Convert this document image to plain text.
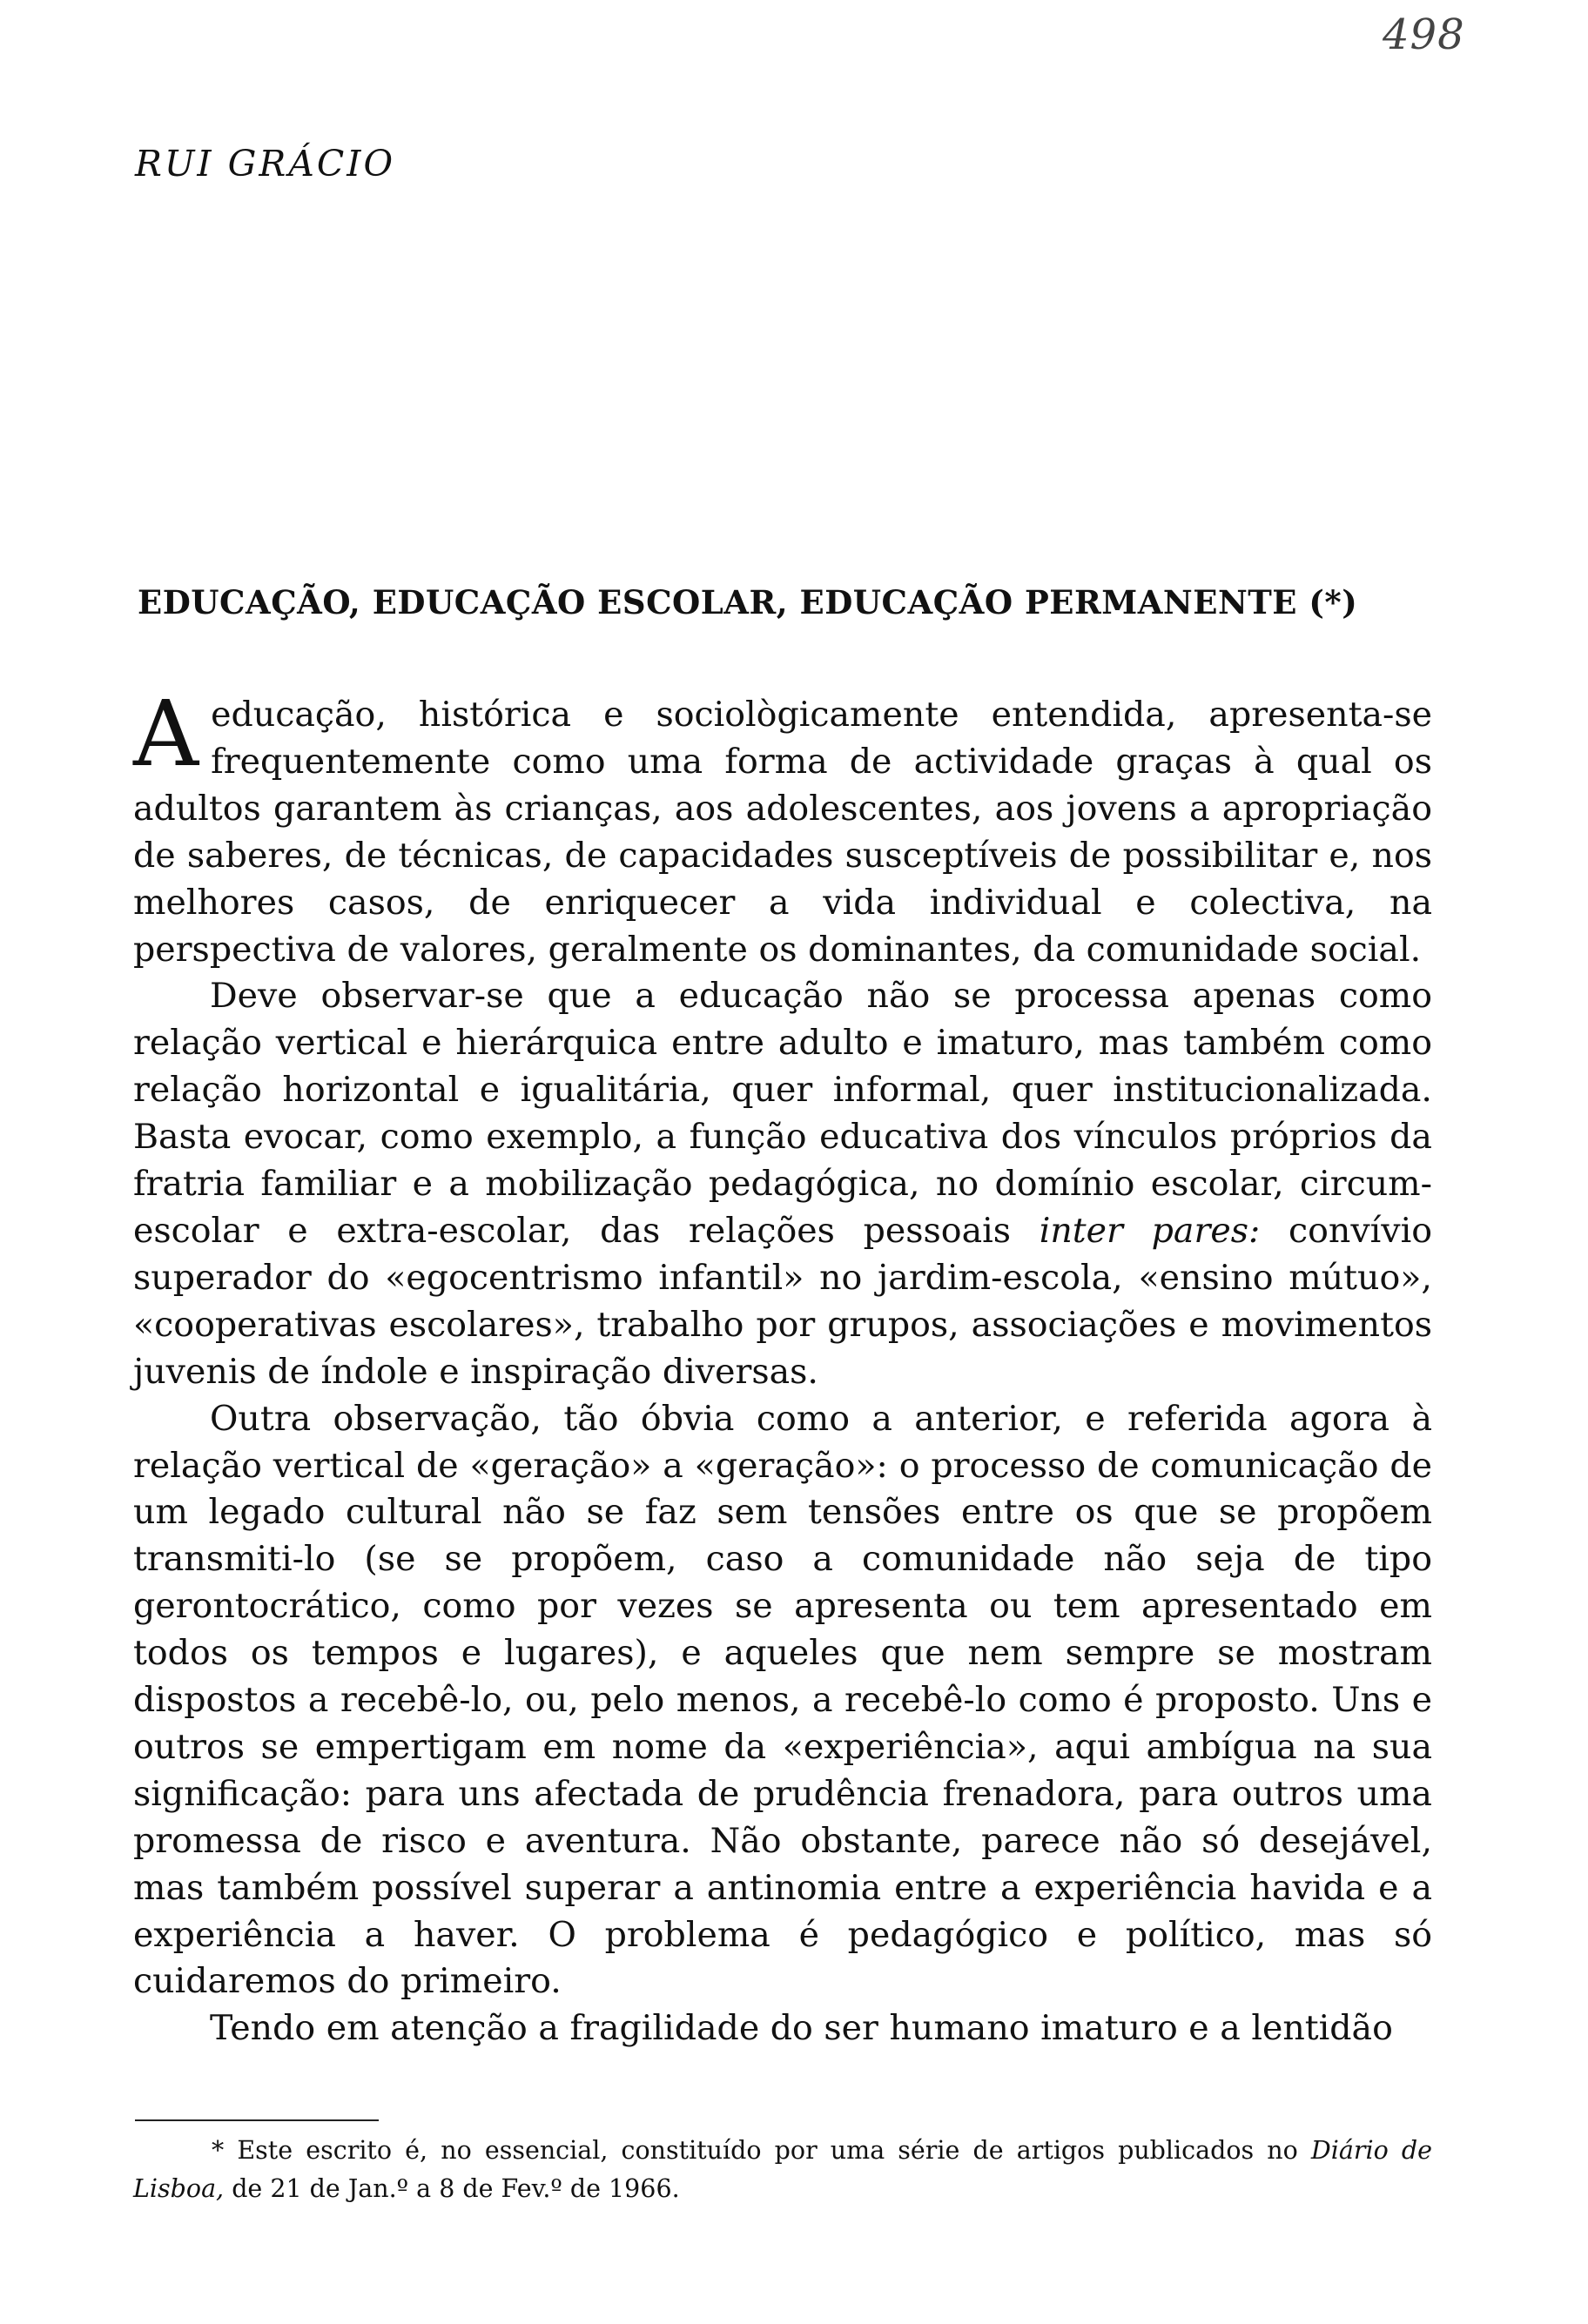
498
RUI GRÁCIO
EDUCAÇÃO, EDUCAÇÃO ESCOLAR, EDUCAÇÃO PERMANENTE (*)

Aeducação, histórica e sociològicamente entendida, apresenta-se frequentemente como uma forma de actividade graças à qual os adultos garantem às crianças, aos adolescentes, aos jovens a apropriação de saberes, de técnicas, de capacidades susceptíveis de possibilitar e, nos melhores casos, de enriquecer a vida individual e colectiva, na perspectiva de valores, geralmente os dominantes, da comunidade social.

Deve observar-se que a educação não se processa apenas como relação vertical e hierárquica entre adulto e imaturo, mas também como relação horizontal e igualitária, quer informal, quer institucionalizada. Basta evocar, como exemplo, a função educativa dos vínculos próprios da fratria familiar e a mobilização pedagógica, no domínio escolar, circum-escolar e extra-escolar, das relações pessoais inter pares: convívio superador do «egocentrismo infantil» no jardim-escola, «ensino mútuo», «cooperativas escolares», trabalho por grupos, associações e movimentos juvenis de índole e inspiração diversas.

Outra observação, tão óbvia como a anterior, e referida agora à relação vertical de «geração» a «geração»: o processo de comunicação de um legado cultural não se faz sem tensões entre os que se propõem transmiti-lo (se se propõem, caso a comunidade não seja de tipo gerontocrático, como por vezes se apresenta ou tem apresentado em todos os tempos e lugares), e aqueles que nem sempre se mostram dispostos a recebê-lo, ou, pelo menos, a recebê-lo como é proposto. Uns e outros se empertigam em nome da «experiência», aqui ambígua na sua significação: para uns afectada de prudência frenadora, para outros uma promessa de risco e aventura. Não obstante, parece não só desejável, mas também possível superar a antinomia entre a experiência havida e a experiência a haver. O problema é pedagógico e político, mas só cuidaremos do primeiro.

Tendo em atenção a fragilidade do ser humano imaturo e a lentidão

* Este escrito é, no essencial, constituído por uma série de artigos publicados no Diário de Lisboa, de 21 de Jan.º a 8 de Fev.º de 1966.
